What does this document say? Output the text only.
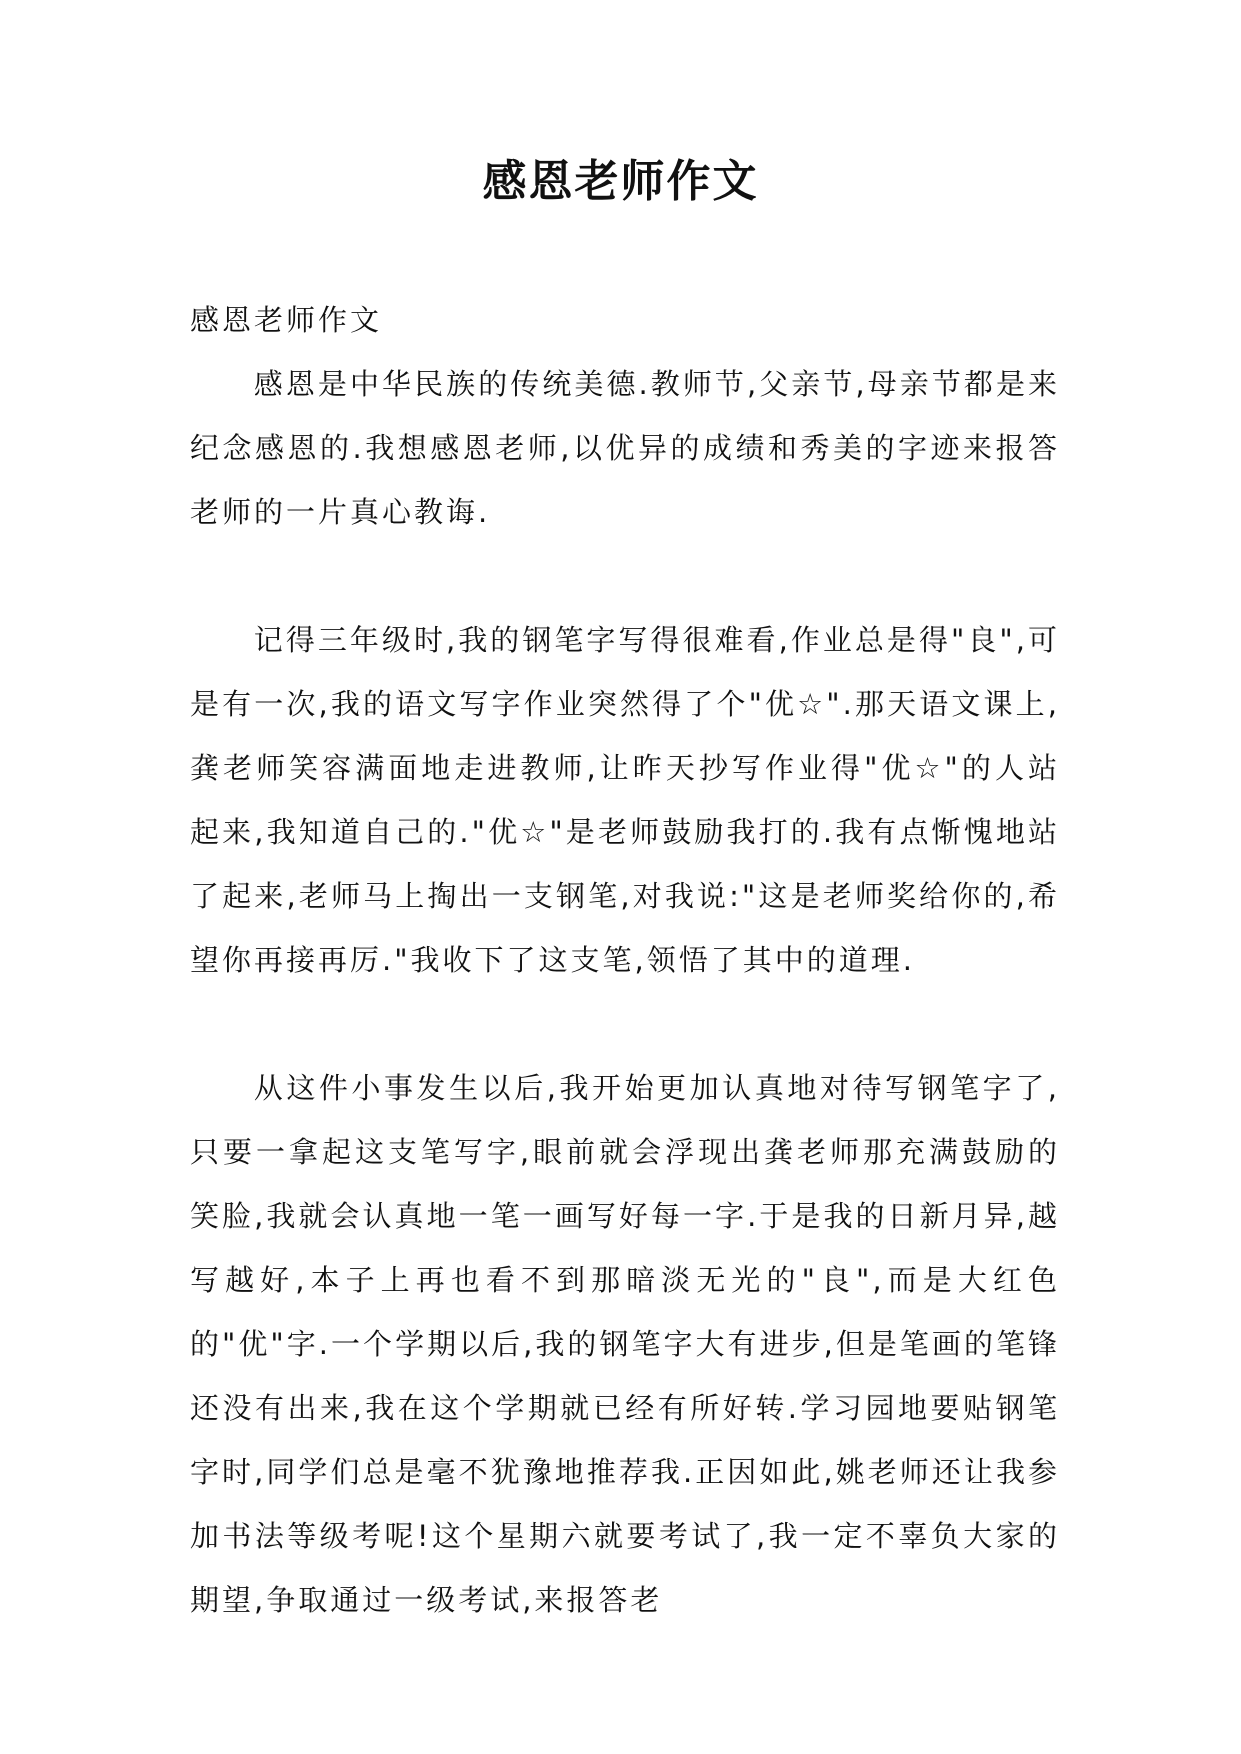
感恩老师作文

感恩老师作文

感恩是中华民族的传统美德.教师节,父亲节,母亲节都是来纪念感恩的.我想感恩老师,以优异的成绩和秀美的字迹来报答老师的一片真心教诲.

记得三年级时,我的钢笔字写得很难看,作业总是得"良",可是有一次,我的语文写字作业突然得了个"优☆".那天语文课上,龚老师笑容满面地走进教师,让昨天抄写作业得"优☆"的人站起来,我知道自己的."优☆"是老师鼓励我打的.我有点惭愧地站了起来,老师马上掏出一支钢笔,对我说:"这是老师奖给你的,希望你再接再厉."我收下了这支笔,领悟了其中的道理.

从这件小事发生以后,我开始更加认真地对待写钢笔字了,只要一拿起这支笔写字,眼前就会浮现出龚老师那充满鼓励的笑脸,我就会认真地一笔一画写好每一字.于是我的日新月异,越写越好,本子上再也看不到那暗淡无光的"良",而是大红色的"优"字.一个学期以后,我的钢笔字大有进步,但是笔画的笔锋还没有出来,我在这个学期就已经有所好转.学习园地要贴钢笔字时,同学们总是毫不犹豫地推荐我.正因如此,姚老师还让我参加书法等级考呢!这个星期六就要考试了,我一定不辜负大家的期望,争取通过一级考试,来报答老
